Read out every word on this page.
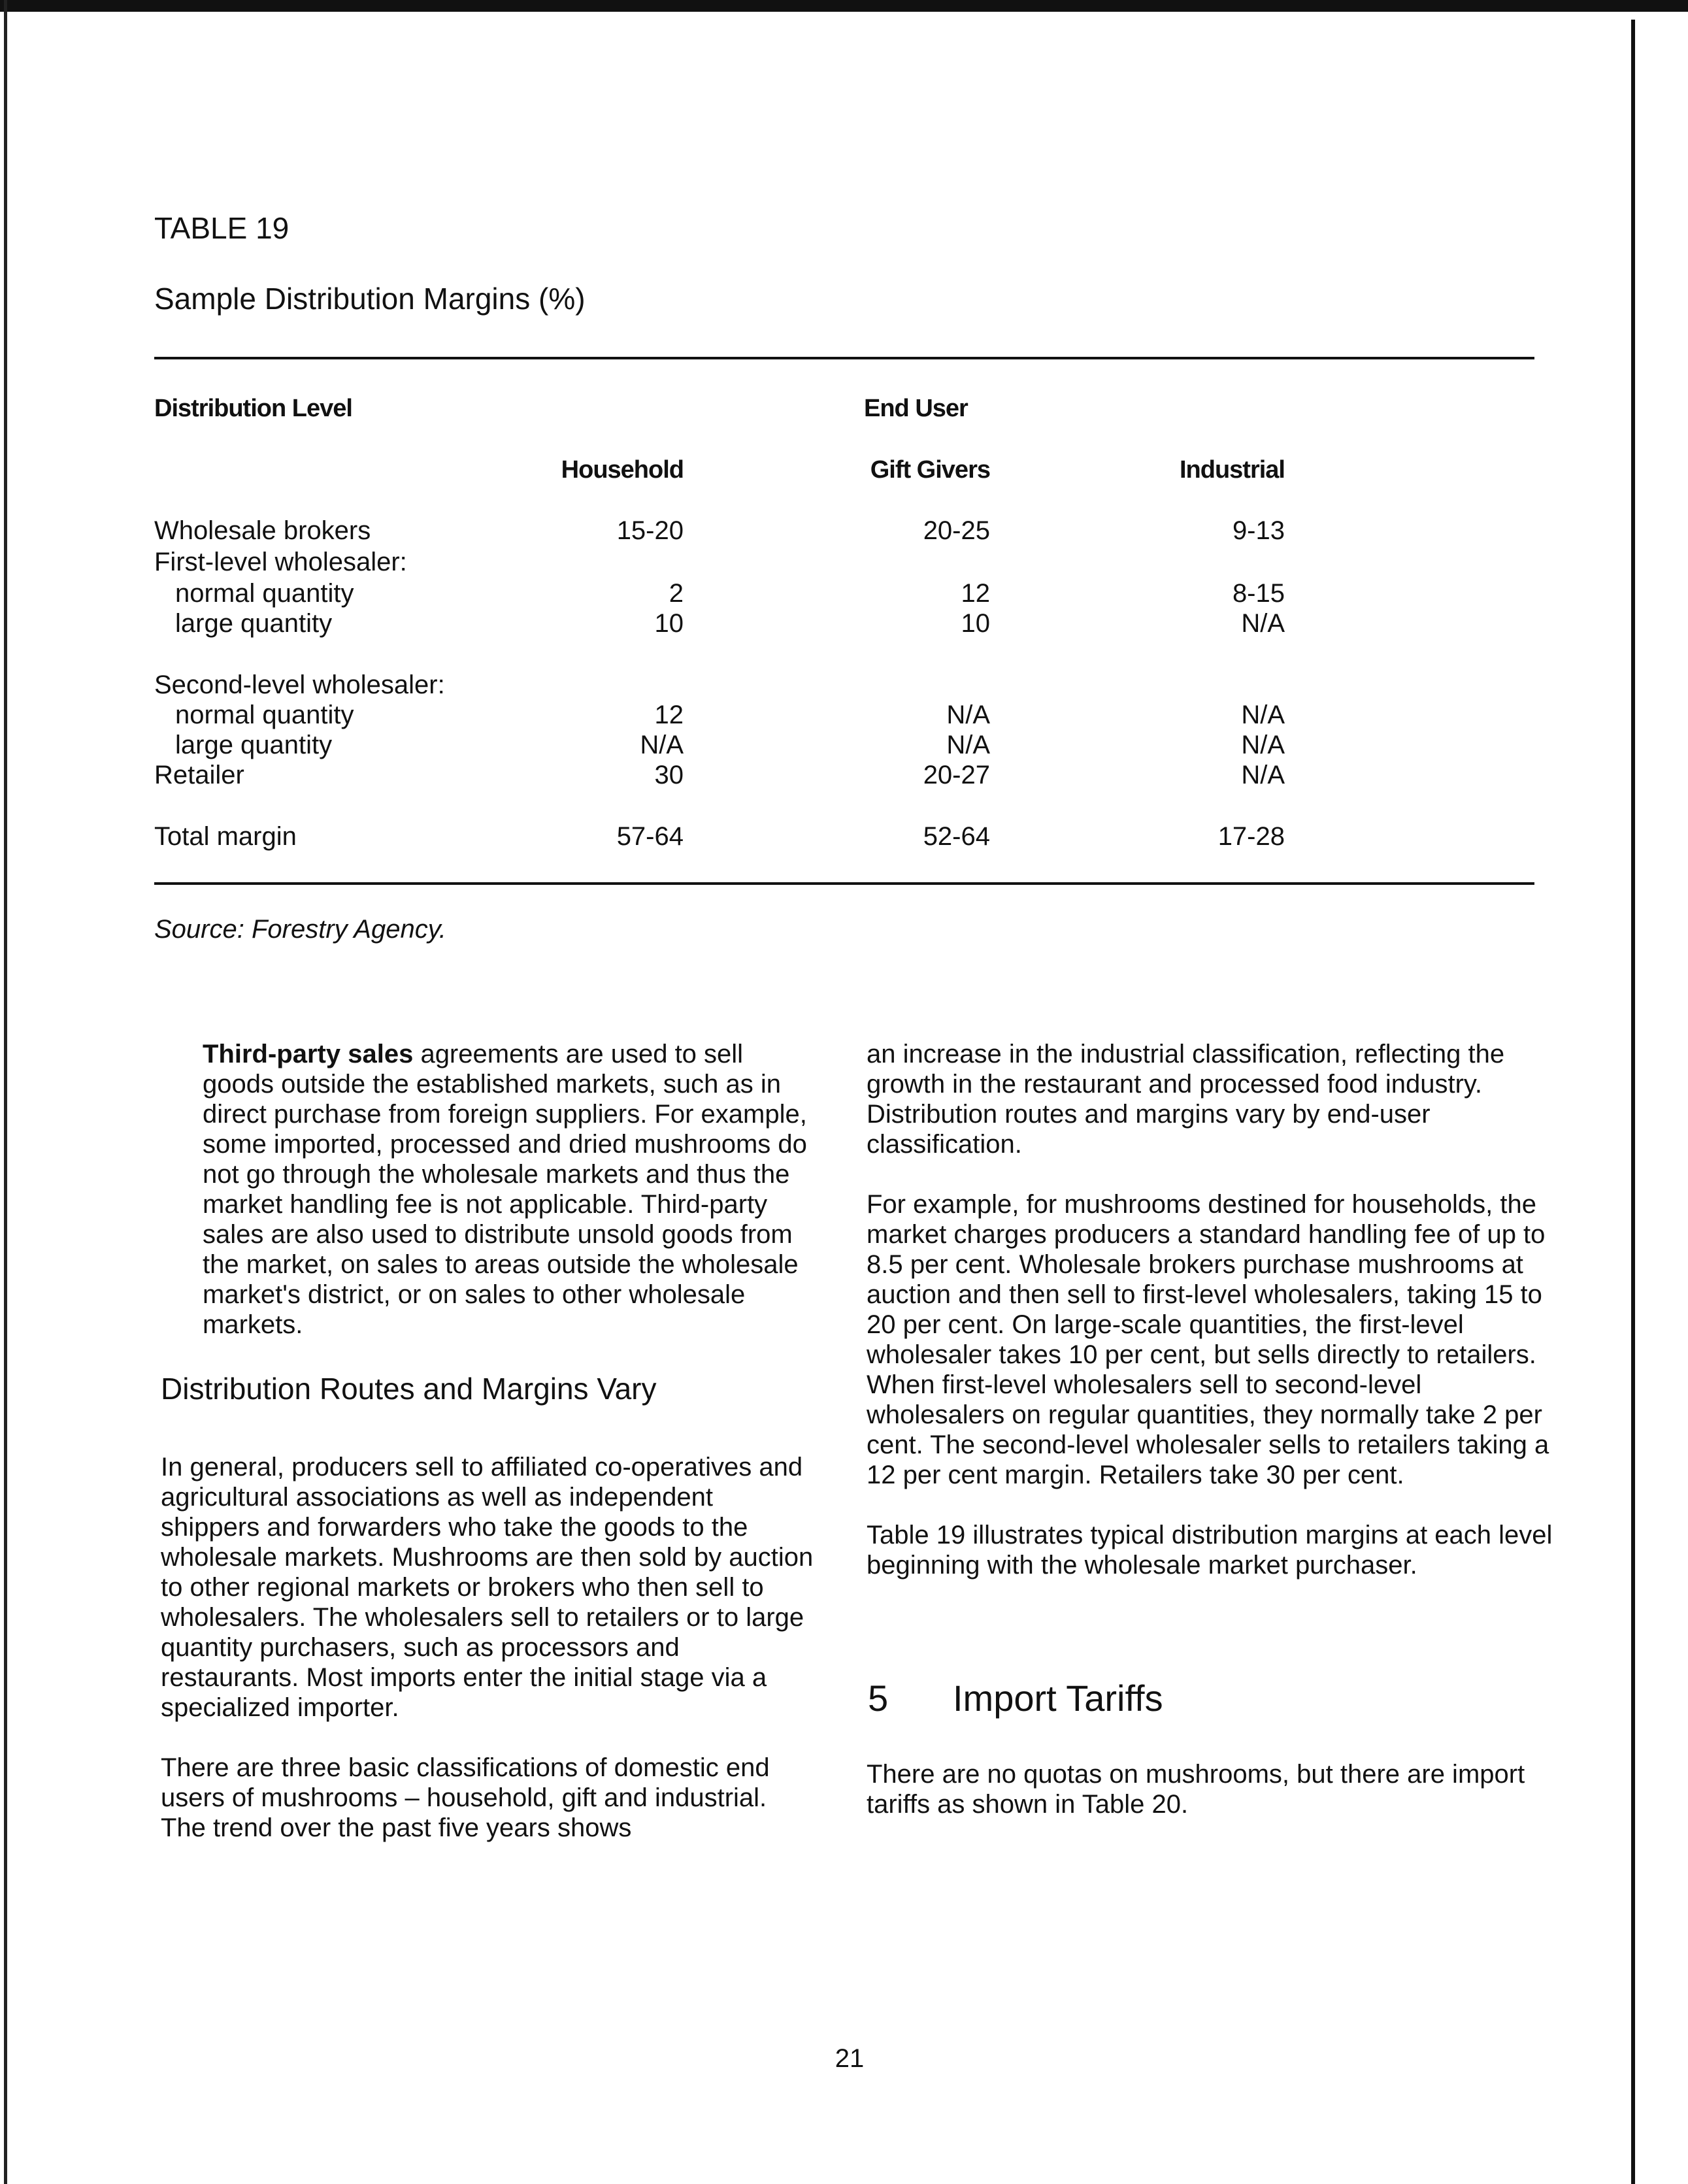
TABLE 19
Sample Distribution Margins (%)
Distribution Level	End User
Household	Gift Givers	Industrial
Wholesale brokers	15-20	20-25	9-13
First-level wholesaler:
normal quantity	2	12	8-15
large quantity	10	10	N/A
Second-level wholesaler:
normal quantity	12	N/A	N/A
large quantity	N/A	N/A	N/A
Retailer	30	20-27	N/A
Total margin	57-64	52-64	17-28
Source: Forestry Agency.

Third-party sales agreements are used to sell goods outside the established markets, such as in direct purchase from foreign suppliers. For example, some imported, processed and dried mushrooms do not go through the wholesale markets and thus the market handling fee is not applicable. Third-party sales are also used to distribute unsold goods from the market, on sales to areas outside the wholesale market's district, or on sales to other wholesale markets.

Distribution Routes and Margins Vary

In general, producers sell to affiliated co-operatives and agricultural associations as well as independent shippers and forwarders who take the goods to the wholesale markets. Mushrooms are then sold by auction to other regional markets or brokers who then sell to wholesalers. The wholesalers sell to retailers or to large quantity purchasers, such as processors and restaurants. Most imports enter the initial stage via a specialized importer.

There are three basic classifications of domestic end users of mushrooms – household, gift and industrial. The trend over the past five years shows

an increase in the industrial classification, reflecting the growth in the restaurant and processed food industry. Distribution routes and margins vary by end-user classification.

For example, for mushrooms destined for households, the market charges producers a standard handling fee of up to 8.5 per cent. Wholesale brokers purchase mushrooms at auction and then sell to first-level wholesalers, taking 15 to 20 per cent. On large-scale quantities, the first-level wholesaler takes 10 per cent, but sells directly to retailers. When first-level wholesalers sell to second-level wholesalers on regular quantities, they normally take 2 per cent. The second-level wholesaler sells to retailers taking a 12 per cent margin. Retailers take 30 per cent.

Table 19 illustrates typical distribution margins at each level beginning with the wholesale market purchaser.

5 Import Tariffs

There are no quotas on mushrooms, but there are import tariffs as shown in Table 20.

21
